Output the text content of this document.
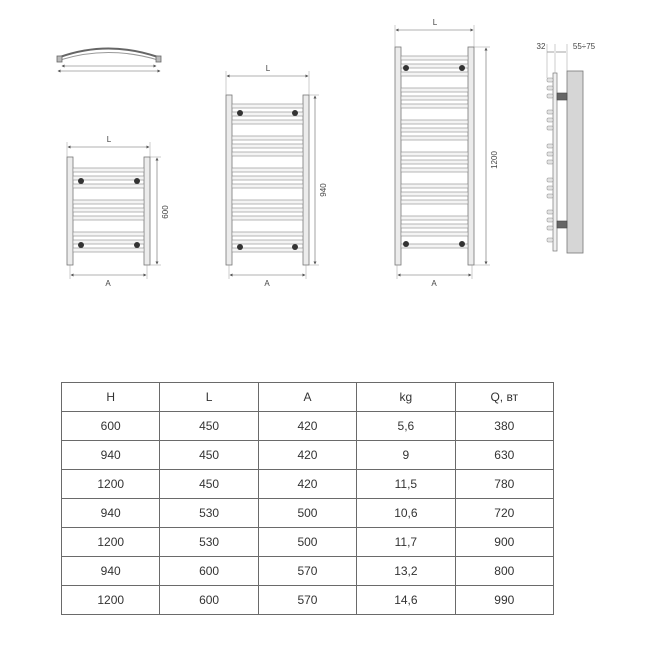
L
A
600
L
A
940
L
A
1200
32	55÷75
H	L	A	kg	Q, вт
600	450	420	5,6	380
940	450	420	9	630
1200	450	420	11,5	780
940	530	500	10,6	720
1200	530	500	11,7	900
940	600	570	13,2	800
1200	600	570	14,6	990
